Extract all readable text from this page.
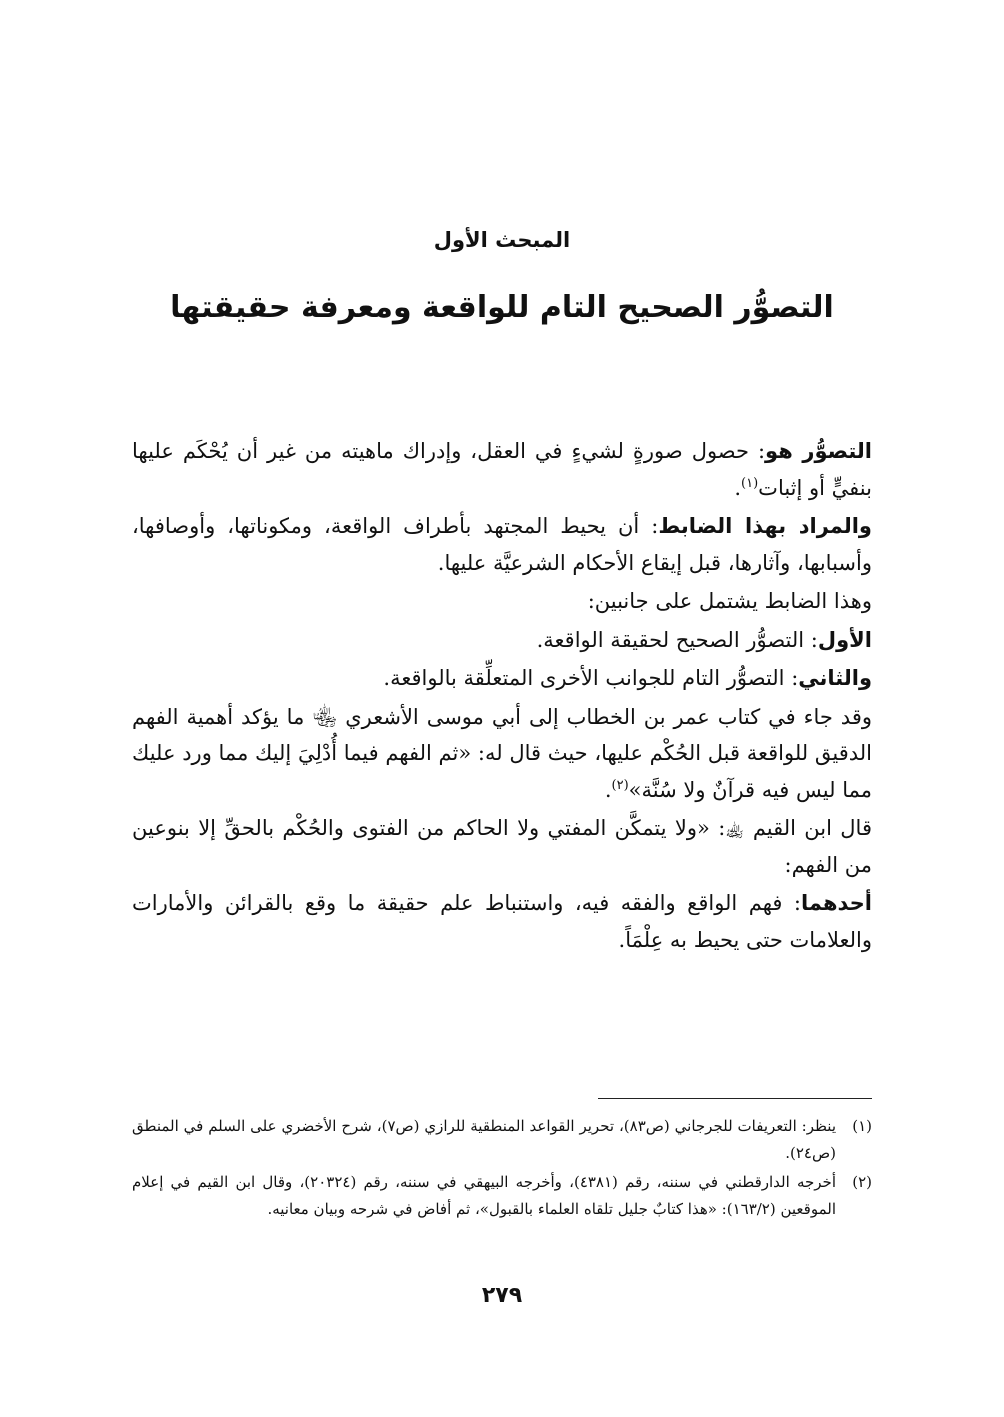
المبحث الأول
التصوُّر الصحيح التام للواقعة ومعرفة حقيقتها

التصوُّر هو: حصول صورةٍ لشيءٍ في العقل، وإدراك ماهيته من غير أن يُحْكَم عليها بنفيٍّ أو إثبات$^{(١)}$.

والمراد بهذا الضابط: أن يحيط المجتهد بأطراف الواقعة، ومكوناتها، وأوصافها، وأسبابها، وآثارها، قبل إيقاع الأحكام الشرعيَّة عليها.

وهذا الضابط يشتمل على جانبين:

الأول: التصوُّر الصحيح لحقيقة الواقعة.

والثاني: التصوُّر التام للجوانب الأخرى المتعلِّقة بالواقعة.

وقد جاء في كتاب عمر بن الخطاب إلى أبي موسى الأشعري ﵄ ما يؤكد أهمية الفهم الدقيق للواقعة قبل الحُكْم عليها، حيث قال له: «ثم الفهم فيما أُدْلِيَ إليك مما ورد عليك مما ليس فيه قرآنٌ ولا سُنَّة»$^{(٢)}$.

قال ابن القيم ﵀: «ولا يتمكَّن المفتي ولا الحاكم من الفتوى والحُكْم بالحقِّ إلا بنوعين من الفهم:

أحدهما: فهم الواقع والفقه فيه، واستنباط علم حقيقة ما وقع بالقرائن والأمارات والعلامات حتى يحيط به عِلْمَاً.

(١)
ينظر: التعريفات للجرجاني (ص٨٣)، تحرير القواعد المنطقية للرازي (ص٧)، شرح الأخضري على السلم في المنطق (ص٢٤).
(٢)
أخرجه الدارقطني في سننه، رقم (٤٣٨١)، وأخرجه البيهقي في سننه، رقم (٢٠٣٢٤)، وقال ابن القيم في إعلام الموقعين (١٦٣/٢): «هذا كتابٌ جليل تلقاه العلماء بالقبول»، ثم أفاض في شرحه وبيان معانيه.
٢٧٩
